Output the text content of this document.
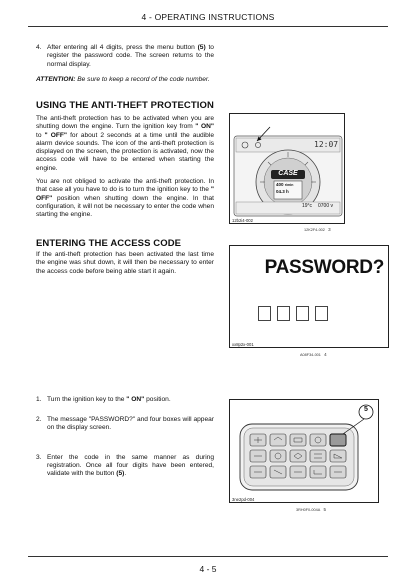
4 - OPERATING INSTRUCTIONS
4. After entering all 4 digits, press the menu button (5) to register the password code. The screen returns to the normal display.
ATTENTION: Be sure to keep a record of the code number.
USING THE ANTI-THEFT PROTECTION
The anti-theft protection has to be activated when you are shutting down the engine. Turn the ignition key from " ON" to " OFF" for about 2 seconds at a time until the audible alarm device sounds. The icon of the anti-theft protection is displayed on the screen, the protection is activated, now the access code will have to be entered when starting the engine.
You are not obliged to activate the anti-theft protection. In that case all you have to do is to turn the ignition key to the " OFF" position when shutting down the engine. In that configuration, it will not be necessary to enter the code when starting the engine.
12:07
CASE
400 r/min
04.3 h
19°c 0700 v
12b2i4-002
12K2F4-002 3
ENTERING THE ACCESS CODE
If the anti-theft protection has been activated the last time the engine was shut down, it will then be necessary to enter the access code before being able start it again.	PASSWORD?
xx8p2x-001
A08F34-001 4
1. Turn the ignition key to the " ON" position.
2. The message "PASSWORD?" and four boxes will appear on the display screen.
3. Enter the code in the same manner as during registration. Once all four digits have been entered, validate with the button (5).
5
3ne2pd-004
3RH0F0-004A 5
4 - 5
